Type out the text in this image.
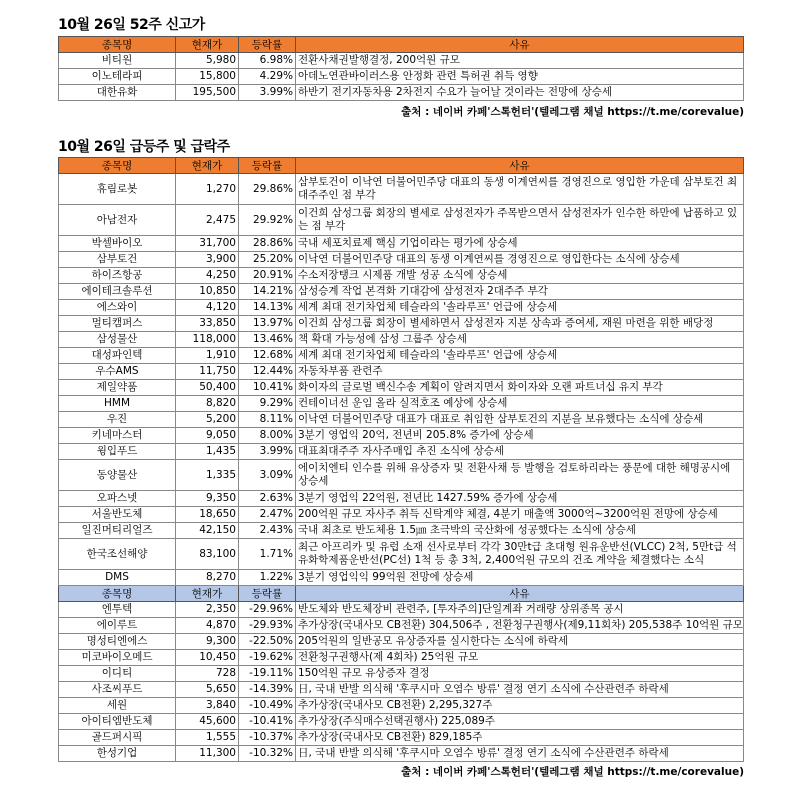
10월 26일 52주 신고가
종목명	현재가	등락률	사유
비티원	5,980	6.98%	전환사채권발행결정, 200억원 규모
이노테라피	15,800	4.29%	아데노연관바이러스용 안정화 관련 특허권 취득 영향
대한유화	195,500	3.99%	하반기 전기자동차용 2차전지 수요가 늘어날 것이라는 전망에 상승세
출처 : 네이버 카페'스톡헌터'(텔레그램 채널 https://t.me/corevalue)
10월 26일 급등주 및 급락주
종목명	현재가	등락률	사유
휴림로봇	1,270	29.86%	삼부토건이 이낙연 더불어민주당 대표의 동생 이계연씨를 경영진으로 영입한 가운데 삼부토건 최대주주인 점 부각
아남전자	2,475	29.92%	이건희 삼성그룹 회장의 별세로 삼성전자가 주목받으면서 삼성전자가 인수한 하만에 납품하고 있는 점 부각
박셀바이오	31,700	28.86%	국내 세포치료제 핵심 기업이라는 평가에 상승세
삼부토건	3,900	25.20%	이낙연 더불어민주당 대표의 동생 이계연씨를 경영진으로 영입한다는 소식에 상승세
하이즈항공	4,250	20.91%	수소저장탱크 시제품 개발 성공 소식에 상승세
에이테크솔루션	10,850	14.21%	삼성승계 작업 본격화 기대감에 삼성전자 2대주주 부각
에스와이	4,120	14.13%	세계 최대 전기차업체 테슬라의 '솔라루프' 언급에 상승세
멀티캠퍼스	33,850	13.97%	이건희 삼성그룹 회장이 별세하면서 삼성전자 지분 상속과 증여세, 재원 마련을 위한 배당정
삼성물산	118,000	13.46%	책 확대 가능성에 삼성 그룹주 상승세
대성파인텍	1,910	12.68%	세계 최대 전기차업체 테슬라의 '솔라루프' 언급에 상승세
우수AMS	11,750	12.44%	자동차부품 관련주
제일약품	50,400	10.41%	화이자의 글로벌 백신수송 계획이 알려지면서 화이자와 오랜 파트너십 유지 부각
HMM	8,820	9.29%	컨테이너선 운임 올라 실적호조 예상에 상승세
우진	5,200	8.11%	이낙연 더불어민주당 대표가 대표로 취임한 삼부토건의 지분을 보유했다는 소식에 상승세
키네마스터	9,050	8.00%	3분기 영업익 20억, 전년비 205.8% 증가에 상승세
윙입푸드	1,435	3.99%	대표최대주주 자사주매입 추진 소식에 상승세
동양물산	1,335	3.09%	에이치엔티 인수를 위해 유상증자 및 전환사채 등 발행을 검토하리라는 풍문에 대한 해명공시에 상승세
오파스넷	9,350	2.63%	3분기 영업익 22억원, 전년比 1427.59% 증가에 상승세
서울반도체	18,650	2.47%	200억원 규모 자사주 취득 신탁계약 체결, 4분기 매출액 3000억~3200억원 전망에 상승세
일진머티리얼즈	42,150	2.43%	국내 최초로 반도체용 1.5㎛ 초극박의 국산화에 성공했다는 소식에 상승세
한국조선해양	83,100	1.71%	최근 아프리카 및 유럽 소재 선사로부터 각각 30만t급 초대형 원유운반선(VLCC) 2척, 5만t급 석유화학제품운반선(PC선) 1척 등 총 3척, 2,400억원 규모의 건조 계약을 체결했다는 소식
DMS	8,270	1.22%	3분기 영업익익 99억원 전망에 상승세
종목명	현재가	등락률	사유
엔투텍	2,350	-29.96%	반도체와 반도체장비 관련주, [투자주의]단일계좌 거래량 상위종목 공시
에이루트	4,870	-29.93%	추가상장(국내사모 CB전환) 304,506주 , 전환청구권행사(제9,11회차) 205,538주 10억원 규모
명성티엔에스	9,300	-22.50%	205억원의 일반공모 유상증자를 실시한다는 소식에 하락세
미코바이오메드	10,450	-19.62%	전환청구권행사(제 4회차) 25억원 규모
이디티	728	-19.11%	150억원 규모 유상증자 결정
사조씨푸드	5,650	-14.39%	日, 국내 반발 의식해 '후쿠시마 오염수 방류' 결정 연기 소식에 수산관련주 하락세
세원	3,840	-10.49%	추가상장(국내사모 CB전환) 2,295,327주
아이티엠반도체	45,600	-10.41%	추가상장(주식매수선택권행사) 225,089주
골드퍼시픽	1,555	-10.37%	추가상장(국내사모 CB전환) 829,185주
한성기업	11,300	-10.32%	日, 국내 반발 의식해 '후쿠시마 오염수 방류' 결정 연기 소식에 수산관련주 하락세
출처 : 네이버 카페'스톡헌터'(텔레그램 채널 https://t.me/corevalue)
